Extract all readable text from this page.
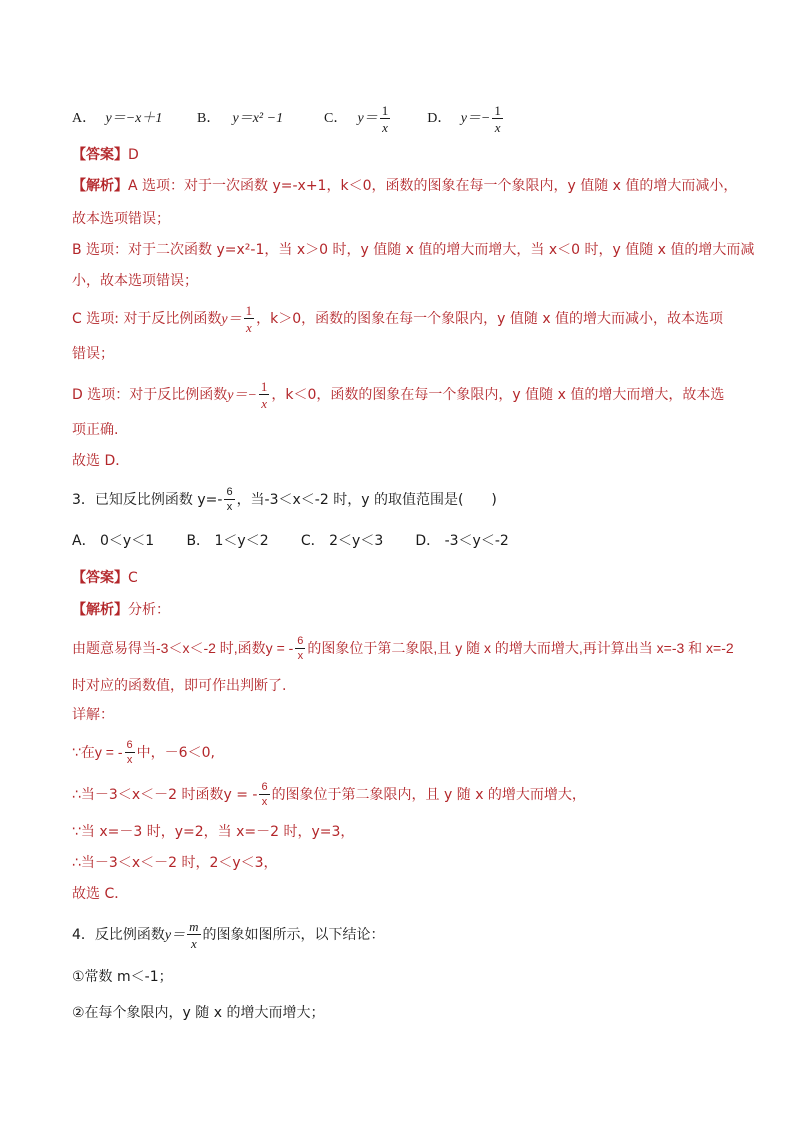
A． y＝−x＋1 B． y＝x² −1	C． $y= \frac{1}{x}$	D． $y=- \frac{1}{x}$
【答案】D
【解析】A 选项：对于一次函数 y=-x+1，k＜0，函数的图象在每一个象限内，y 值随 x 值的增大而减小，
故本选项错误；
B 选项：对于二次函数 y=x²-1，当 x＞0 时，y 值随 x 值的增大而增大，当 x＜0 时，y 值随 x 值的增大而减
小，故本选项错误；
C 选项: 对于反比例函数$y= \frac{1}{x}$ ，k＞0，函数的图象在每一个象限内，y 值随 x 值的增大而减小，故本选项
错误；
D 选项：对于反比例函数$y=- \frac{1}{x}$ ，k＜0，函数的图象在每一个象限内，y 值随 x 值的增大而增大，故本选
项正确.
故选 D．
3．已知反比例函数 $y=- \frac{6}{x}$ ，当-3＜x＜-2 时，y 的取值范围是(　　)
A． 0＜y＜1 B． 1＜y＜2 C． 2＜y＜3 D． -3＜y＜-2
【答案】C
【解析】分析：
由题意易得当-3＜x＜-2 时,函数y = - $\frac{6}{x}$ 的图象位于第二象限,且 y 随 x 的增大而增大,再计算出当 x=-3 和 x=-2
时对应的函数值，即可作出判断了.
详解：
∵在y = - $\frac{6}{x}$ 中，－6＜0,
∴当－3＜x＜－2 时函数y = - $\frac{6}{x}$ 的图象位于第二象限内，且 y 随 x 的增大而增大，
∵当 x=－3 时，y=2，当 x=－2 时，y=3，
∴当－3＜x＜－2 时，2＜y＜3，
故选 C．
4．反比例函数$y= \frac{m}{x}$ 的图象如图所示，以下结论：
①常数 m＜-1；
②在每个象限内，y 随 x 的增大而增大；
